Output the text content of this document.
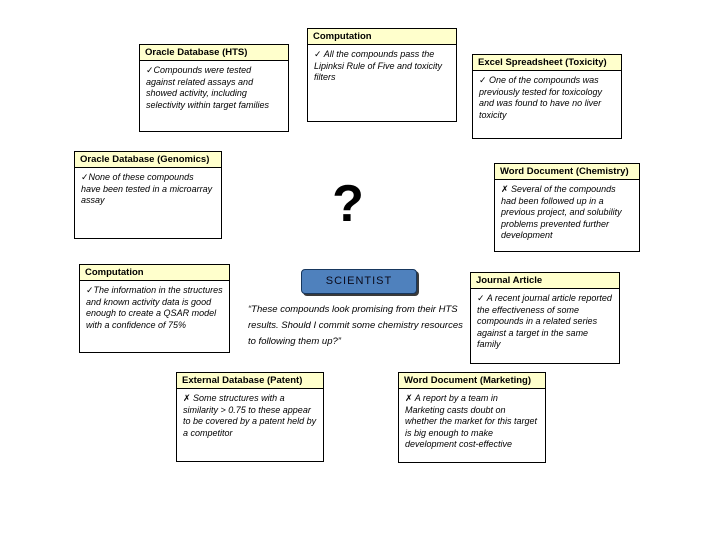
Oracle Database (HTS)
✓Compounds were tested against related assays and showed activity, including selectivity within target families
Computation
✓ All the compounds pass the Lipinksi Rule of Five and toxicity filters
Excel Spreadsheet (Toxicity)
✓ One of the compounds was previously tested for toxicology and was found to have no liver toxicity
Oracle Database (Genomics)
✓None of these compounds have been tested in a microarray assay
Word Document (Chemistry)
✗ Several of the compounds had been followed up in a previous project, and solubility problems prevented further development
Computation
✓The information in the structures and known activity data is good enough to create a QSAR model with a confidence of 75%
Journal Article
✓ A recent journal article reported the effectiveness of some compounds in a related series against a target in the same family
External Database (Patent)
✗ Some structures with a similarity > 0.75 to these appear to be covered by a patent held by a competitor
Word Document (Marketing)
✗ A report by a team in Marketing casts doubt on whether the market for this target is big enough to make development cost-effective
?
SCIENTIST
“These compounds look promising from their HTS results. Should I commit some chemistry resources to following them up?”
